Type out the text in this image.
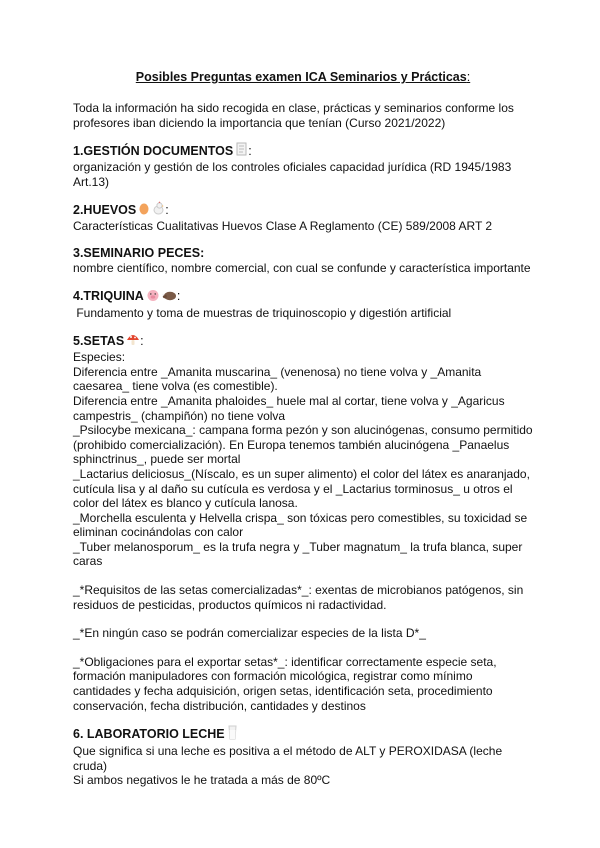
Posibles Preguntas examen ICA Seminarios y Prácticas:

Toda la información ha sido recogida en clase, prácticas y seminarios conforme los profesores iban diciendo la importancia que tenían (Curso 2021/2022)

1.GESTIÓN DOCUMENTOS :

organización y gestión de los controles oficiales capacidad jurídica (RD 1945/1983 Art.13)

2.HUEVOS :

Características Cualitativas Huevos Clase A Reglamento (CE) 589/2008 ART 2

3.SEMINARIO PECES:

nombre científico, nombre comercial, con cual se confunde y característica importante

4.TRIQUINA	:

Fundamento y toma de muestras de triquinoscopio y digestión artificial

5.SETAS :

Especies:

Diferencia entre _Amanita muscarina_ (venenosa) no tiene volva y _Amanita caesarea_ tiene volva (es comestible).

Diferencia entre _Amanita phaloides_ huele mal al cortar, tiene volva y _Agaricus campestris_ (champiñón) no tiene volva

_Psilocybe mexicana_: campana forma pezón y son alucinógenas, consumo permitido (prohibido comercialización). En Europa tenemos también alucinógena _Panaelus sphinctrinus_, puede ser mortal

_Lactarius deliciosus_(Níscalo, es un super alimento) el color del látex es anaranjado, cutícula lisa y al daño su cutícula es verdosa y el _Lactarius torminosus_ u otros el color del látex es blanco y cutícula lanosa.

_Morchella esculenta y Helvella crispa_ son tóxicas pero comestibles, su toxicidad se eliminan cocinándolas con calor

_Tuber melanosporum_ es la trufa negra y _Tuber magnatum_ la trufa blanca, super caras

_*Requisitos de las setas comercializadas*_: exentas de microbianos patógenos, sin residuos de pesticidas, productos químicos ni radactividad.

_*En ningún caso se podrán comercializar especies de la lista D*_

_*Obligaciones para el exportar setas*_: identificar correctamente especie seta, formación manipuladores con formación micológica, registrar como mínimo cantidades y fecha adquisición, origen setas, identificación seta, procedimiento conservación, fecha distribución, cantidades y destinos

6. LABORATORIO LECHE

Que significa si una leche es positiva a el método de ALT y PEROXIDASA (leche cruda)

Si ambos negativos le he tratada a más de 80ºC
